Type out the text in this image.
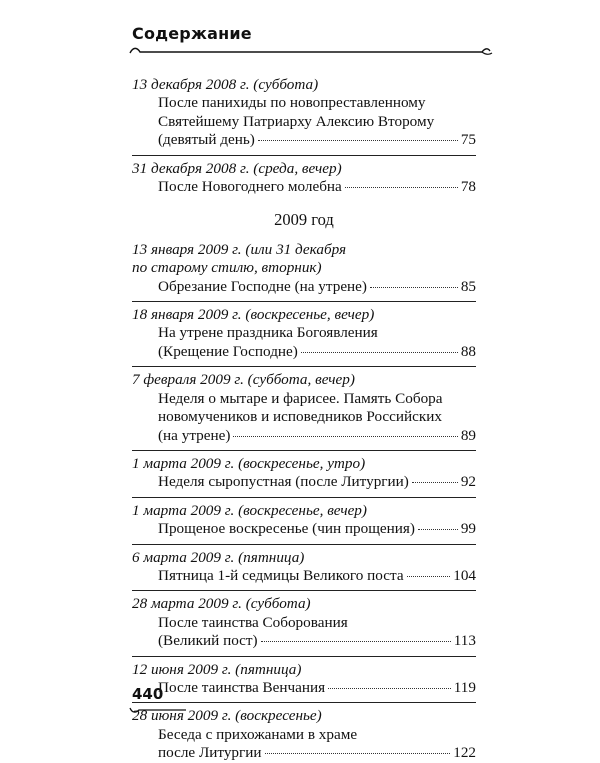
Содержание
13 декабря 2008 г. (суббота)
После панихиды по новопреставленному
Святейшему Патриарху Алексию Второму
(девятый день)	75
31 декабря 2008 г. (среда, вечер)
После Новогоднего молебна	78
2009 год
13 января 2009 г. (или 31 декабря
по старому стилю, вторник)
Обрезание Господне (на утрене)	85
18 января 2009 г. (воскресенье, вечер)
На утрене праздника Богоявления
(Крещение Господне)	88
7 февраля 2009 г. (суббота, вечер)
Неделя о мытаре и фарисее. Память Собора
новомучеников и исповедников Российских
(на утрене)	89
1 марта 2009 г. (воскресенье, утро)
Неделя сыропустная (после Литургии)	92
1 марта 2009 г. (воскресенье, вечер)
Прощеное воскресенье (чин прощения)	99
6 марта 2009 г. (пятница)
Пятница 1-й седмицы Великого поста	104
28 марта 2009 г. (суббота)
После таинства Соборования
(Великий пост)	113
12 июня 2009 г. (пятница)
После таинства Венчания	119
28 июня 2009 г. (воскресенье)
Беседа с прихожанами в храме
после Литургии	122
440
